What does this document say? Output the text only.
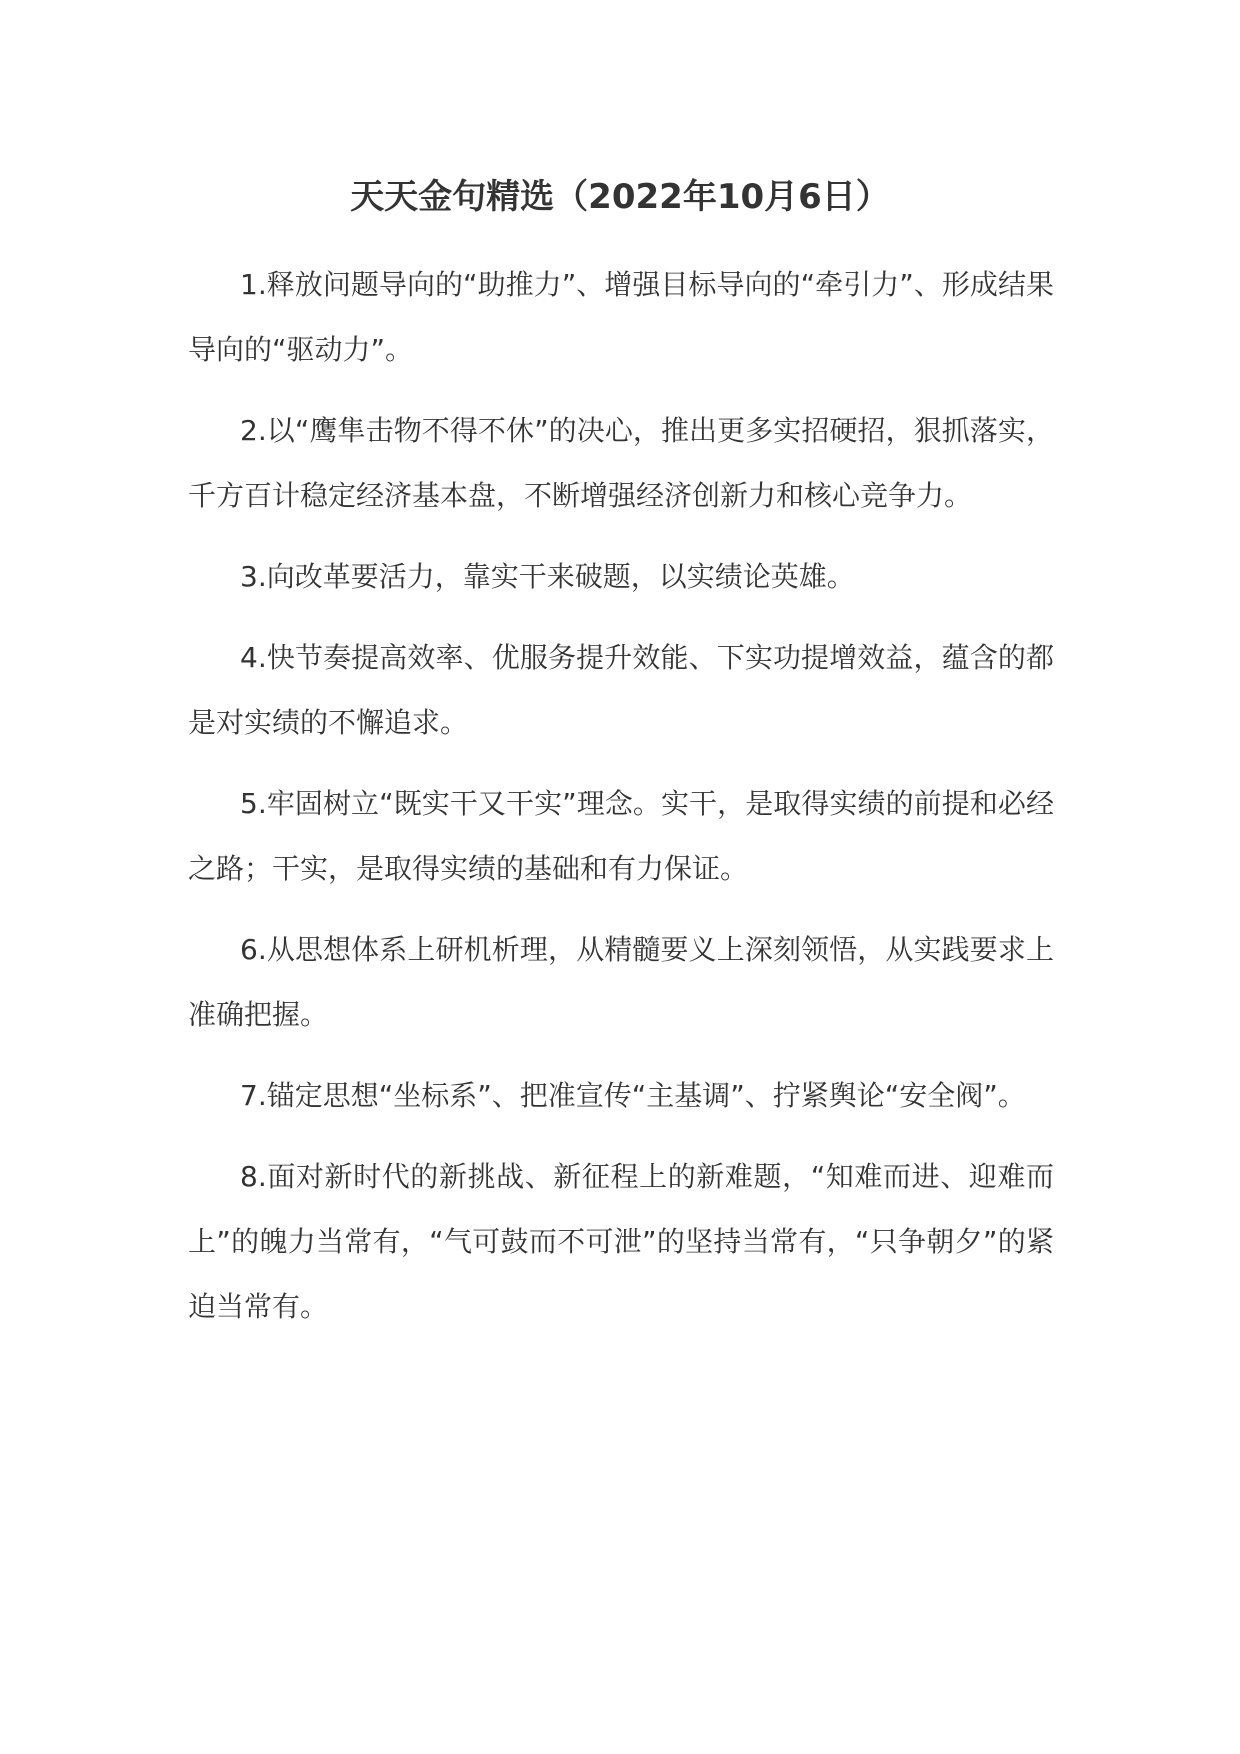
天天金句精选（2022年10月6日）

1.释放问题导向的“助推力”、增强目标导向的“牵引力”、形成结果导向的“驱动力”。

2.以“鹰隼击物不得不休”的决心，推出更多实招硬招，狠抓落实，千方百计稳定经济基本盘，不断增强经济创新力和核心竞争力。

3.向改革要活力，靠实干来破题，以实绩论英雄。

4.快节奏提高效率、优服务提升效能、下实功提增效益，蕴含的都是对实绩的不懈追求。

5.牢固树立“既实干又干实”理念。实干，是取得实绩的前提和必经之路；干实，是取得实绩的基础和有力保证。

6.从思想体系上研机析理，从精髓要义上深刻领悟，从实践要求上准确把握。

7.锚定思想“坐标系”、把准宣传“主基调”、拧紧舆论“安全阀”。

8.面对新时代的新挑战、新征程上的新难题，“知难而进、迎难而上”的魄力当常有，“气可鼓而不可泄”的坚持当常有，“只争朝夕”的紧迫当常有。
